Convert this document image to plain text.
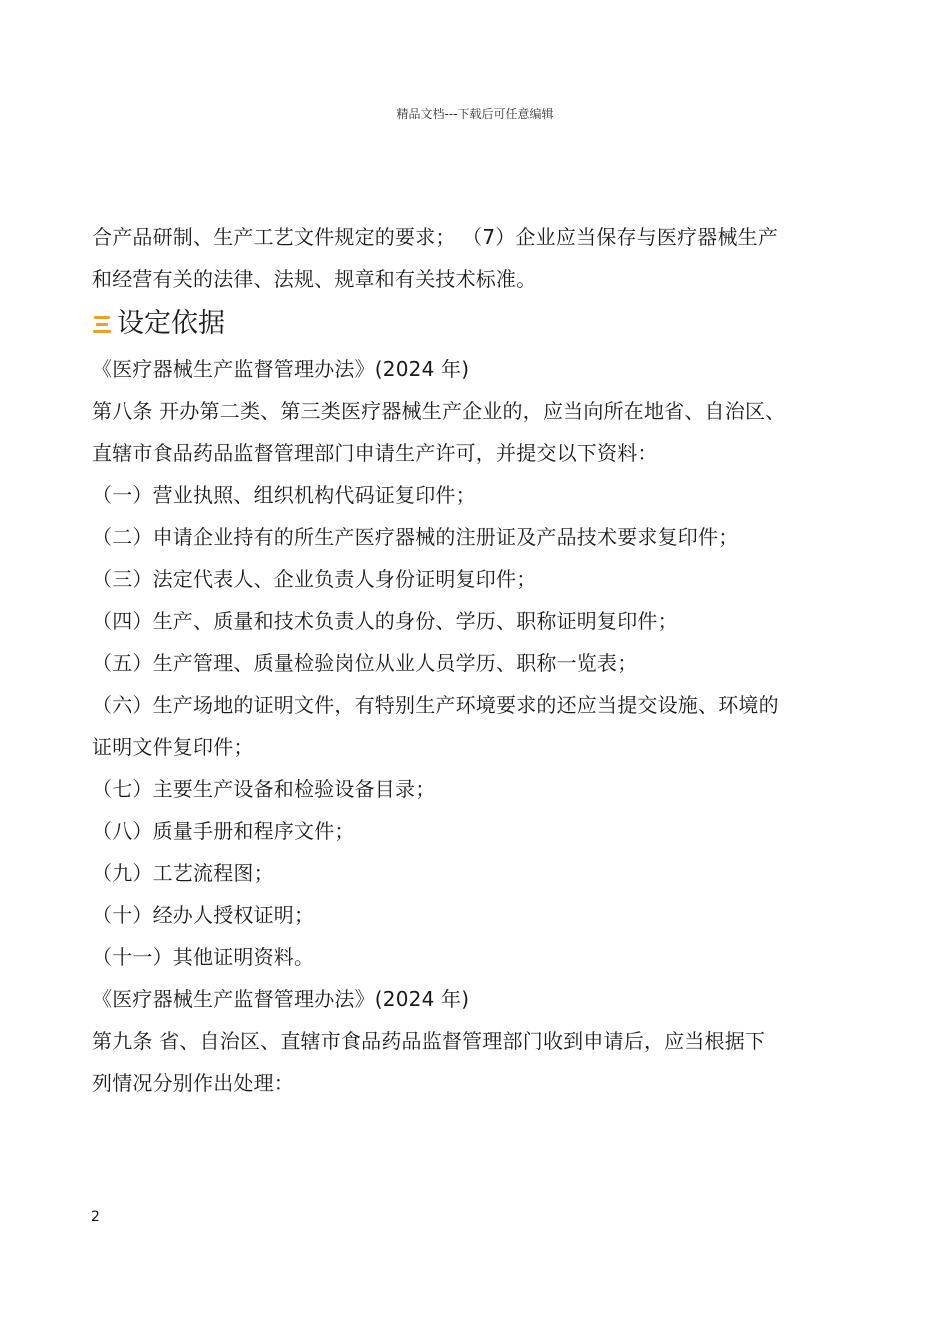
精品文档---下载后可任意编辑
合产品研制、生产工艺文件规定的要求； （7）企业应当保存与医疗器械生产
和经营有关的法律、法规、规章和有关技术标准。
设定依据
《医疗器械生产监督管理办法》(2024 年)
第八条 开办第二类、第三类医疗器械生产企业的，应当向所在地省、自治区、
直辖市食品药品监督管理部门申请生产许可，并提交以下资料：
（一）营业执照、组织机构代码证复印件；
（二）申请企业持有的所生产医疗器械的注册证及产品技术要求复印件；
（三）法定代表人、企业负责人身份证明复印件；
（四）生产、质量和技术负责人的身份、学历、职称证明复印件；
（五）生产管理、质量检验岗位从业人员学历、职称一览表；
（六）生产场地的证明文件，有特别生产环境要求的还应当提交设施、环境的
证明文件复印件；
（七）主要生产设备和检验设备目录；
（八）质量手册和程序文件；
（九）工艺流程图；
（十）经办人授权证明；
（十一）其他证明资料。
《医疗器械生产监督管理办法》(2024 年)
第九条 省、自治区、直辖市食品药品监督管理部门收到申请后，应当根据下
列情况分别作出处理：
2
